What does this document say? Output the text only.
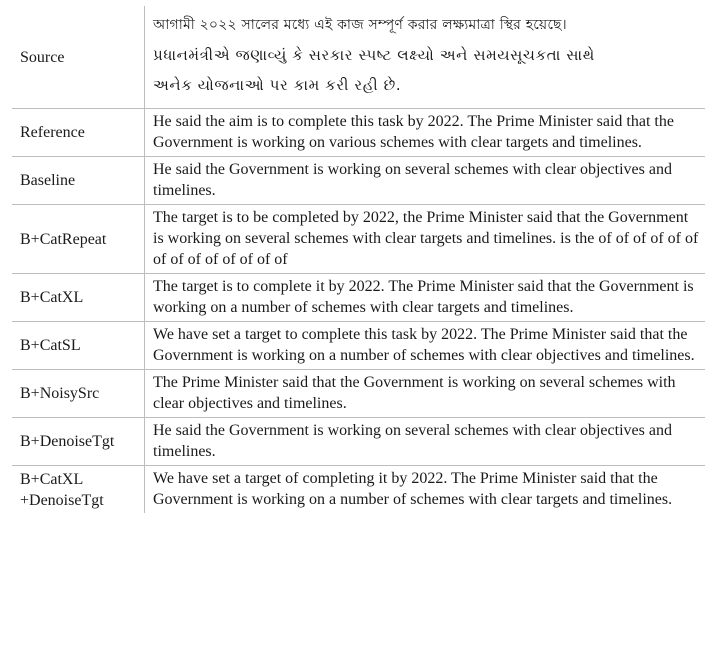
Source
আগামী ২০২২ সালের মধ্যে এই কাজ সম্পূর্ণ করার লক্ষ্যমাত্রা স্থির হয়েছে।
પ્રધાનમંત્રીએ જણાવ્યું કે સરકાર સ્પષ્ટ લક્ષ્યો અને સમયસૂચકતા સાથે
અનેક યોજનાઓ પર કામ કરી રહી છે.
Reference
He said the aim is to complete this task by 2022. The Prime Minister said that the Government is working on various schemes with clear targets and timelines.
Baseline
He said the Government is working on several schemes with clear objectives and timelines.
B+CatRepeat
The target is to be completed by 2022, the Prime Minister said that the Government is working on several schemes with clear targets and timelines. is the of of of of of of of of of of of of of of
B+CatXL
The target is to complete it by 2022. The Prime Minister said that the Government is working on a number of schemes with clear targets and timelines.
B+CatSL
We have set a target to complete this task by 2022. The Prime Minister said that the Government is working on a number of schemes with clear objectives and timelines.
B+NoisySrc
The Prime Minister said that the Government is working on several schemes with clear objectives and timelines.
B+DenoiseTgt
He said the Government is working on several schemes with clear objectives and timelines.
B+CatXL +DenoiseTgt
We have set a target of completing it by 2022. The Prime Minister said that the Government is working on a number of schemes with clear targets and timelines.
